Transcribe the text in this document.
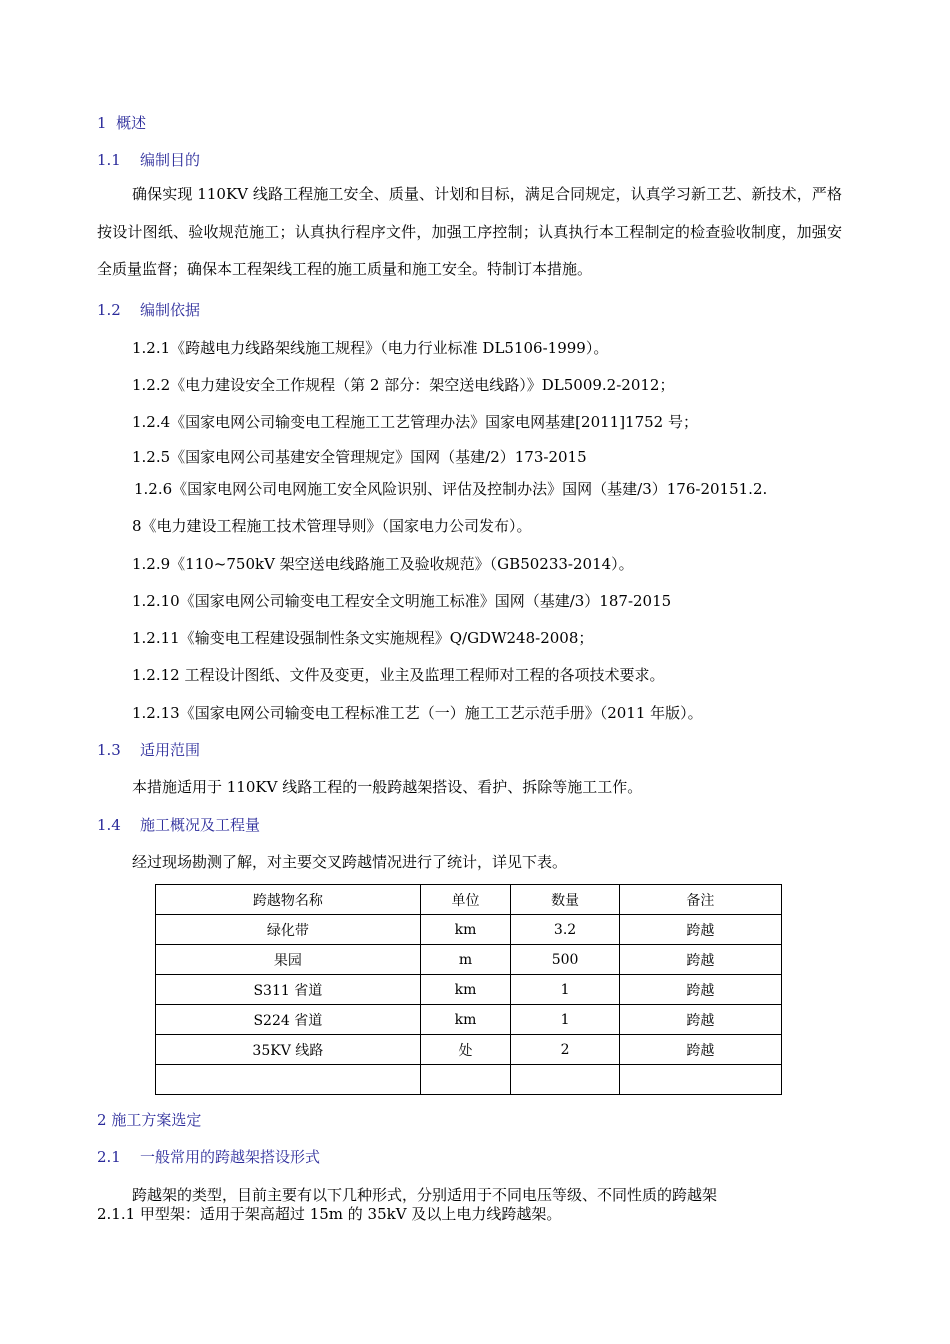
1 概述
1.1 编制目的
确保实现 110KV 线路工程施工安全、质量、计划和目标，满足合同规定，认真学习新工艺、新技术，严格按设计图纸、验收规范施工；认真执行程序文件，加强工序控制；认真执行本工程制定的检查验收制度，加强安全质量监督；确保本工程架线工程的施工质量和施工安全。特制订本措施。
1.2 编制依据
1.2.1《跨越电力线路架线施工规程》（电力行业标准 DL5106-1999）。
1.2.2《电力建设安全工作规程（第 2 部分：架空送电线路）》DL5009.2-2012；
1.2.4《国家电网公司输变电工程施工工艺管理办法》国家电网基建[2011]1752 号；
1.2.5《国家电网公司基建安全管理规定》国网（基建/2）173-2015
1.2.6《国家电网公司电网施工安全风险识别、评估及控制办法》国网（基建/3）176-20151.2.
8《电力建设工程施工技术管理导则》（国家电力公司发布）。
1.2.9《110~750kV 架空送电线路施工及验收规范》（GB50233-2014）。
1.2.10《国家电网公司输变电工程安全文明施工标准》国网（基建/3）187-2015
1.2.11《输变电工程建设强制性条文实施规程》Q/GDW248-2008；
1.2.12 工程设计图纸、文件及变更，业主及监理工程师对工程的各项技术要求。
1.2.13《国家电网公司输变电工程标准工艺（一）施工工艺示范手册》（2011 年版）。
1.3 适用范围
本措施适用于 110KV 线路工程的一般跨越架搭设、看护、拆除等施工工作。
1.4 施工概况及工程量
经过现场勘测了解，对主要交叉跨越情况进行了统计，详见下表。
跨越物名称	单位	数量	备注
绿化带	km	3.2	跨越
果园	m	500	跨越
S311 省道	km	1	跨越
S224 省道	km	1	跨越
35KV 线路	处	2	跨越

2 施工方案选定
2.1 一般常用的跨越架搭设形式
跨越架的类型，目前主要有以下几种形式，分别适用于不同电压等级、不同性质的跨越架
2.1.1 甲型架：适用于架高超过 15m 的 35kV 及以上电力线跨越架。
